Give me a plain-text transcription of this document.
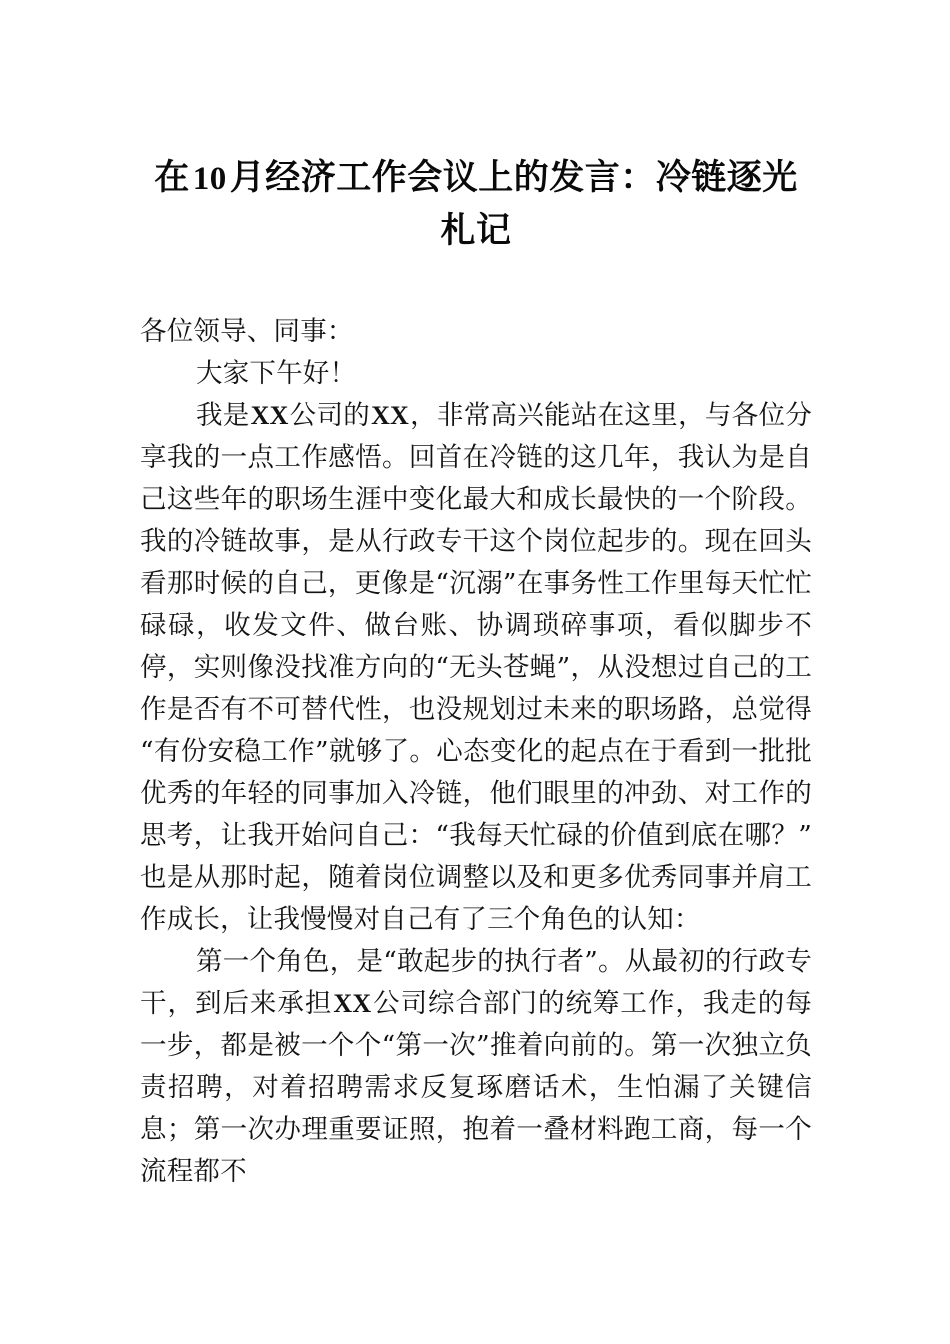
在10月经济工作会议上的发言：冷链逐光札记

各位领导、同事：

大家下午好！

我是XX公司的XX，非常高兴能站在这里，与各位分享我的一点工作感悟。回首在冷链的这几年，我认为是自己这些年的职场生涯中变化最大和成长最快的一个阶段。我的冷链故事，是从行政专干这个岗位起步的。现在回头看那时候的自己，更像是“沉溺”在事务性工作里每天忙忙碌碌，收发文件、做台账、协调琐碎事项，看似脚步不停，实则像没找准方向的“无头苍蝇”，从没想过自己的工作是否有不可替代性，也没规划过未来的职场路，总觉得“有份安稳工作”就够了。心态变化的起点在于看到一批批优秀的年轻的同事加入冷链，他们眼里的冲劲、对工作的思考，让我开始问自己：“我每天忙碌的价值到底在哪？”也是从那时起，随着岗位调整以及和更多优秀同事并肩工作成长，让我慢慢对自己有了三个角色的认知：

第一个角色，是“敢起步的执行者”。从最初的行政专干，到后来承担XX公司综合部门的统筹工作，我走的每一步，都是被一个个“第一次”推着向前的。第一次独立负责招聘，对着招聘需求反复琢磨话术，生怕漏了关键信息；第一次办理重要证照，抱着一叠材料跑工商，每一个流程都不
